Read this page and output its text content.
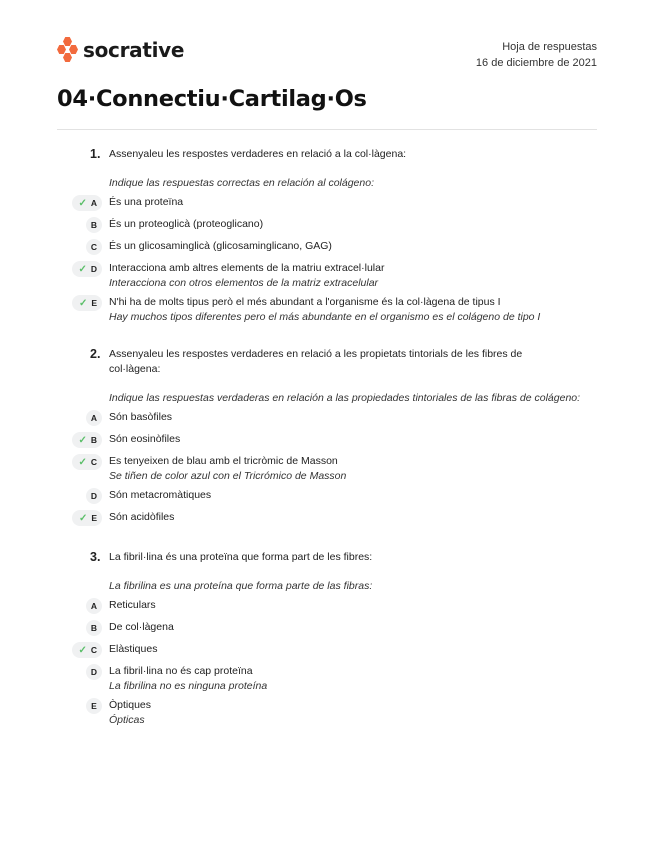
socrative	Hoja de respuestas
16 de diciembre de 2021
04·Connectiu·Cartilag·Os
1. Assenyaleu les respostes verdaderes en relació a la col·làgena:
Indique las respuestas correctas en relación al colágeno:
✓ A És una proteïna
B És un proteoglicà (proteoglicano)
C És un glicosaminglicà (glicosaminglicano, GAG)
✓ D Interacciona amb altres elements de la matriu extracel·lular
Interacciona con otros elementos de la matriz extracelular
✓ E N'hi ha de molts tipus però el més abundant a l'organisme és la col·làgena de tipus I
Hay muchos tipos diferentes pero el más abundante en el organismo es el colágeno de tipo I
2. Assenyaleu les respostes verdaderes en relació a les propietats tintorials de les fibres de col·làgena:
Indique las respuestas verdaderas en relación a las propiedades tintoriales de las fibras de colágeno:
A Són basòfiles
✓ B Són eosinòfiles
✓ C Es tenyeixen de blau amb el tricròmic de Masson
Se tiñen de color azul con el Tricrómico de Masson
D Són metacromàtiques
✓ E Són acidòfiles
3. La fibril·lina és una proteïna que forma part de les fibres:
La fibrilina es una proteína que forma parte de las fibras:
A Reticulars
B De col·làgena
✓ C Elàstiques
D La fibril·lina no és cap proteïna
La fibrilina no es ninguna proteína
E Òptiques
Ópticas
